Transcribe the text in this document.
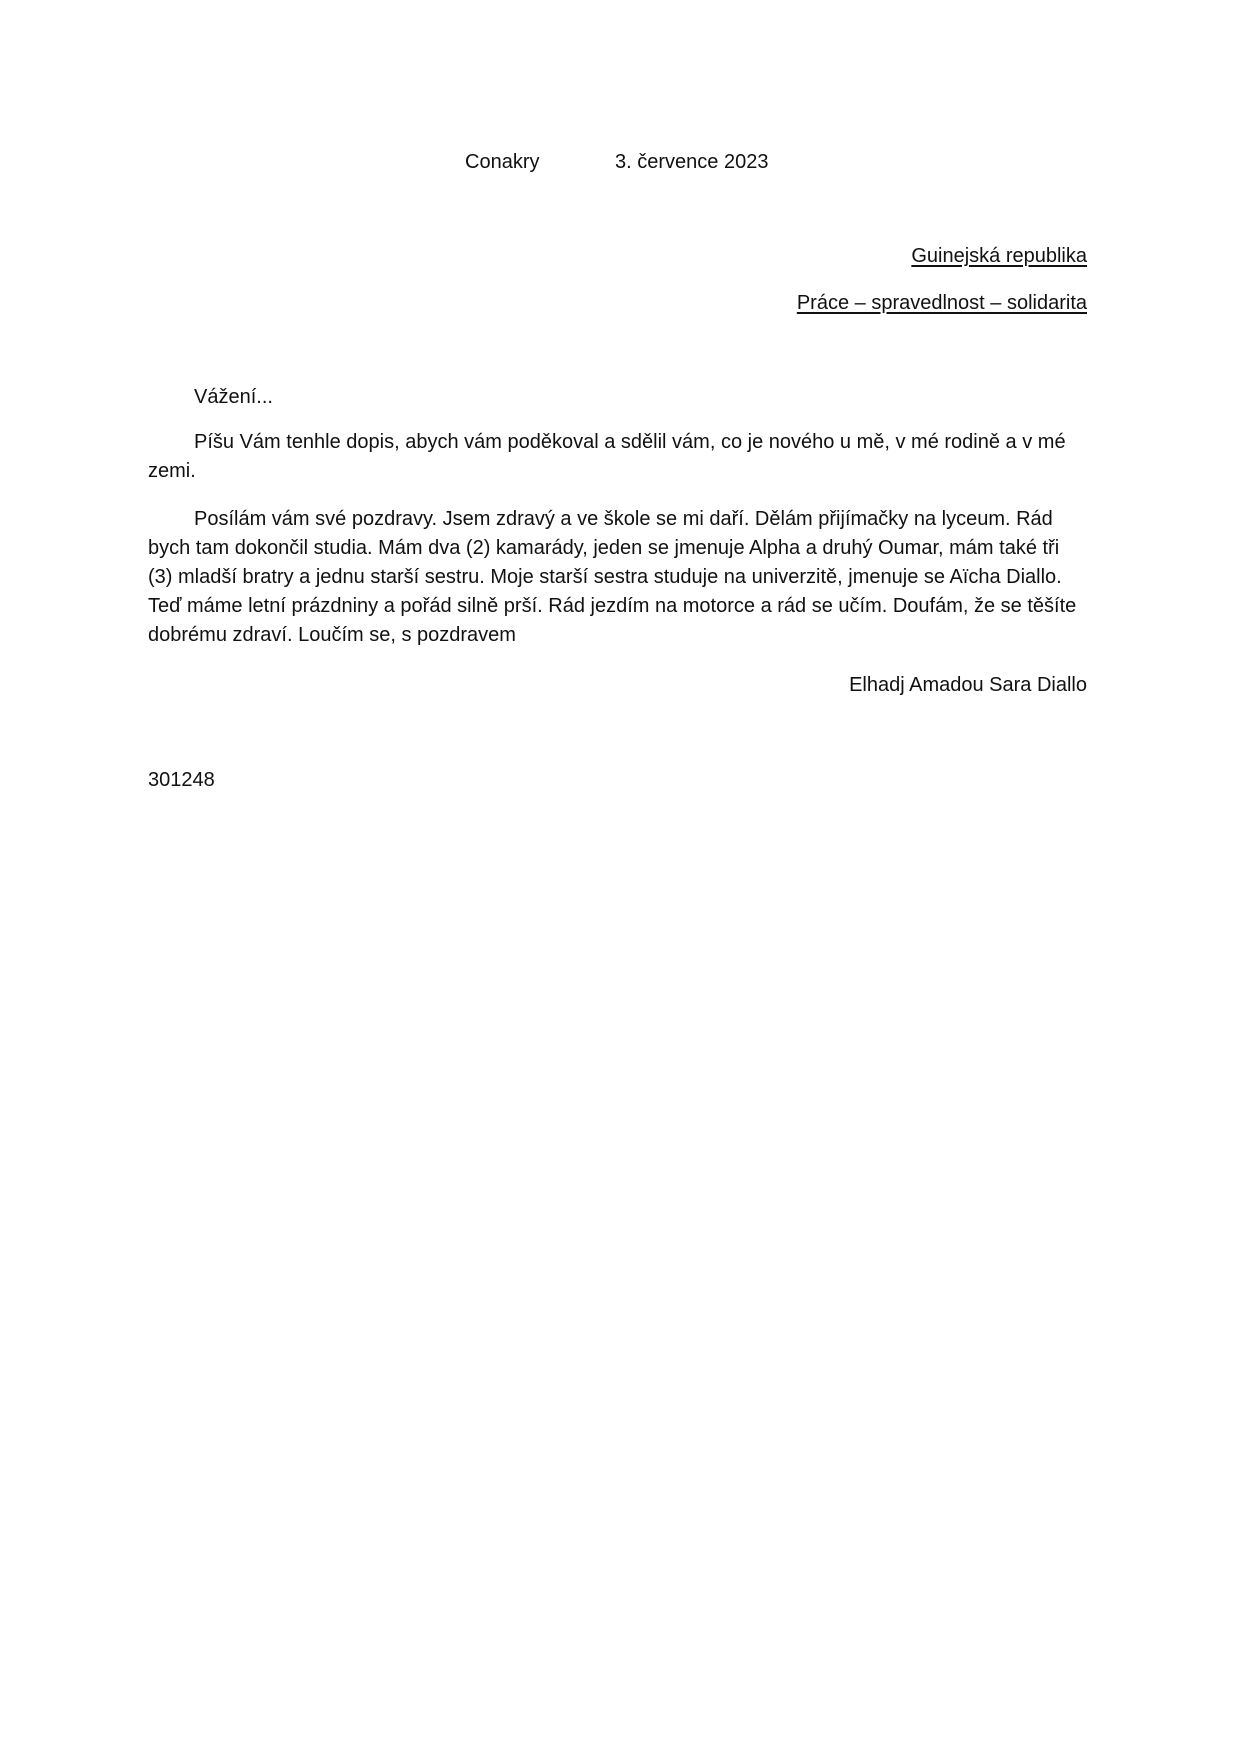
Conakry	3. července 2023
Guinejská republika
Práce – spravedlnost – solidarita
Vážení...
Píšu Vám tenhle dopis, abych vám poděkoval a sdělil vám, co je nového u mě, v mé rodině a v mé zemi.
Posílám vám své pozdravy. Jsem zdravý a ve škole se mi daří. Dělám přijímačky na lyceum. Rád bych tam dokončil studia. Mám dva (2) kamarády, jeden se jmenuje Alpha a druhý Oumar, mám také tři (3) mladší bratry a jednu starší sestru. Moje starší sestra studuje na univerzitě, jmenuje se Aïcha Diallo. Teď máme letní prázdniny a pořád silně prší. Rád jezdím na motorce a rád se učím. Doufám, že se těšíte dobrému zdraví. Loučím se, s pozdravem
Elhadj Amadou Sara Diallo
301248
